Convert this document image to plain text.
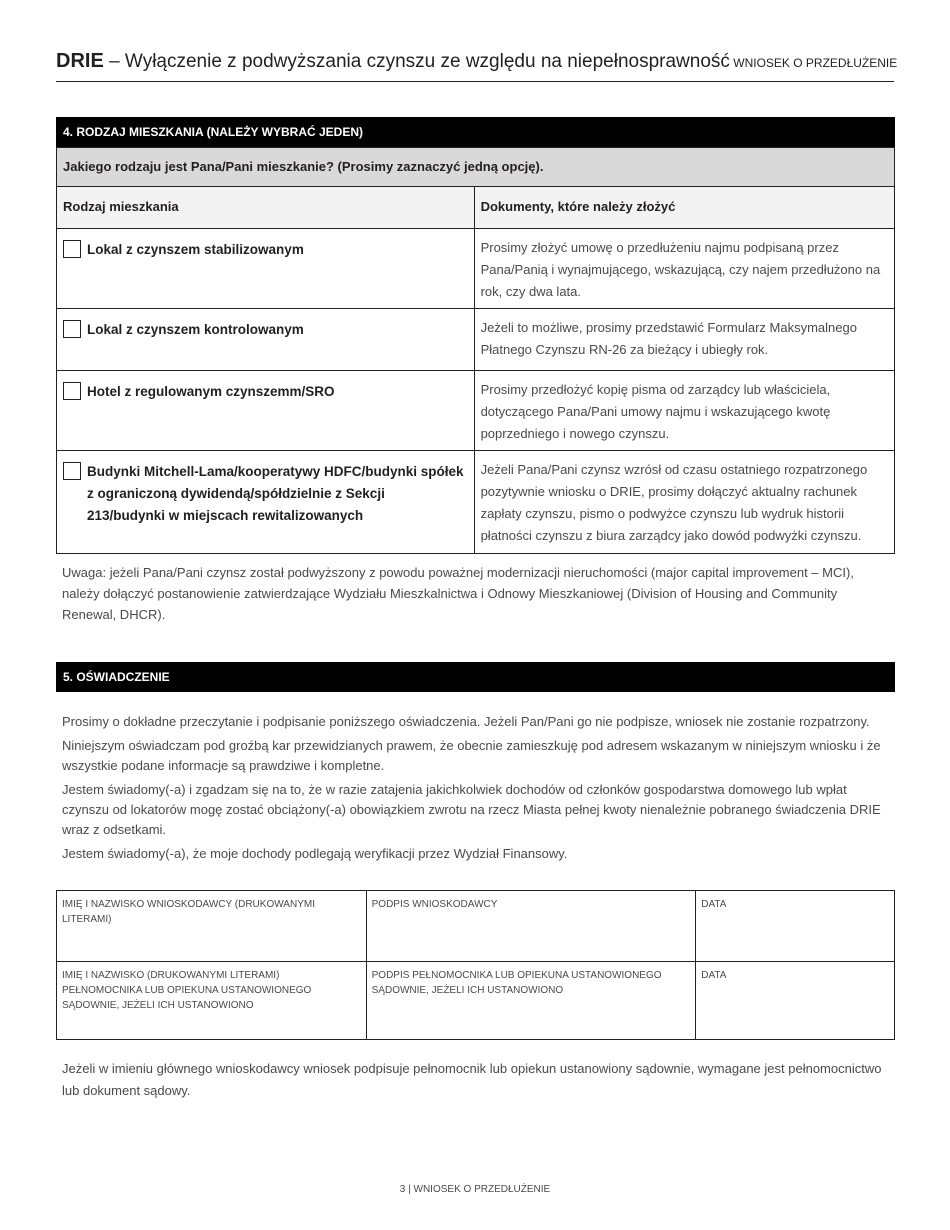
DRIE – Wyłączenie z podwyższania czynszu ze względu na niepełnosprawność WNIOSEK O PRZEDŁUŻENIE
4. RODZAJ MIESZKANIA (NALEŻY WYBRAĆ JEDEN)
Jakiego rodzaju jest Pana/Pani mieszkanie? (Prosimy zaznaczyć jedną opcję).	
Rodzaj mieszkania	Dokumenty, które należy złożyć

Lokal z czynszem stabilizowanym	Prosimy złożyć umowę o przedłużeniu najmu podpisaną przez Pana/Panią i wynajmującego, wskazującą, czy najem przedłużono na rok, czy dwa lata.

Lokal z czynszem kontrolowanym	Jeżeli to możliwe, prosimy przedstawić Formularz Maksymalnego Płatnego Czynszu RN-26 za bieżący i ubiegły rok.

Hotel z regulowanym czynszemm/SRO	Prosimy przedłożyć kopię pisma od zarządcy lub właściciela, dotyczącego Pana/Pani umowy najmu i wskazującego kwotę poprzedniego i nowego czynszu.

Budynki Mitchell-Lama/kooperatywy HDFC/budynki spółek z ograniczoną dywidendą/spółdzielnie z Sekcji 213/budynki w miejscach rewitalizowanych	Jeżeli Pana/Pani czynsz wzrósł od czasu ostatniego rozpatrzonego pozytywnie wniosku o DRIE, prosimy dołączyć aktualny rachunek zapłaty czynszu, pismo o podwyżce czynszu lub wydruk historii płatności czynszu z biura zarządcy jako dowód podwyżki czynszu.
Uwaga: jeżeli Pana/Pani czynsz został podwyższony z powodu poważnej modernizacji nieruchomości (major capital improvement – MCI), należy dołączyć postanowienie zatwierdzające Wydziału Mieszkalnictwa i Odnowy Mieszkaniowej (Division of Housing and Community Renewal, DHCR).
5. OŚWIADCZENIE

Prosimy o dokładne przeczytanie i podpisanie poniższego oświadczenia. Jeżeli Pan/Pani go nie podpisze, wniosek nie zostanie rozpatrzony.

Niniejszym oświadczam pod groźbą kar przewidzianych prawem, że obecnie zamieszkuję pod adresem wskazanym w niniejszym wniosku i że wszystkie podane informacje są prawdziwe i kompletne.

Jestem świadomy(-a) i zgadzam się na to, że w razie zatajenia jakichkolwiek dochodów od członków gospodarstwa domowego lub wpłat czynszu od lokatorów mogę zostać obciążony(-a) obowiązkiem zwrotu na rzecz Miasta pełnej kwoty nienależnie pobranego świadczenia DRIE wraz z odsetkami.

Jestem świadomy(-a), że moje dochody podlegają weryfikacji przez Wydział Finansowy.

IMIĘ I NAZWISKO WNIOSKODAWCY (DRUKOWANYMI LITERAMI)	PODPIS WNIOSKODAWCY	DATA
IMIĘ I NAZWISKO (DRUKOWANYMI LITERAMI) PEŁNOMOCNIKA LUB OPIEKUNA USTANOWIONEGO SĄDOWNIE, JEŻELI ICH USTANOWIONO	PODPIS PEŁNOMOCNIKA LUB OPIEKUNA USTANOWIONEGO SĄDOWNIE, JEŻELI ICH USTANOWIONO	DATA
Jeżeli w imieniu głównego wnioskodawcy wniosek podpisuje pełnomocnik lub opiekun ustanowiony sądownie, wymagane jest pełnomocnictwo lub dokument sądowy.
3 | WNIOSEK O PRZEDŁUŻENIE
